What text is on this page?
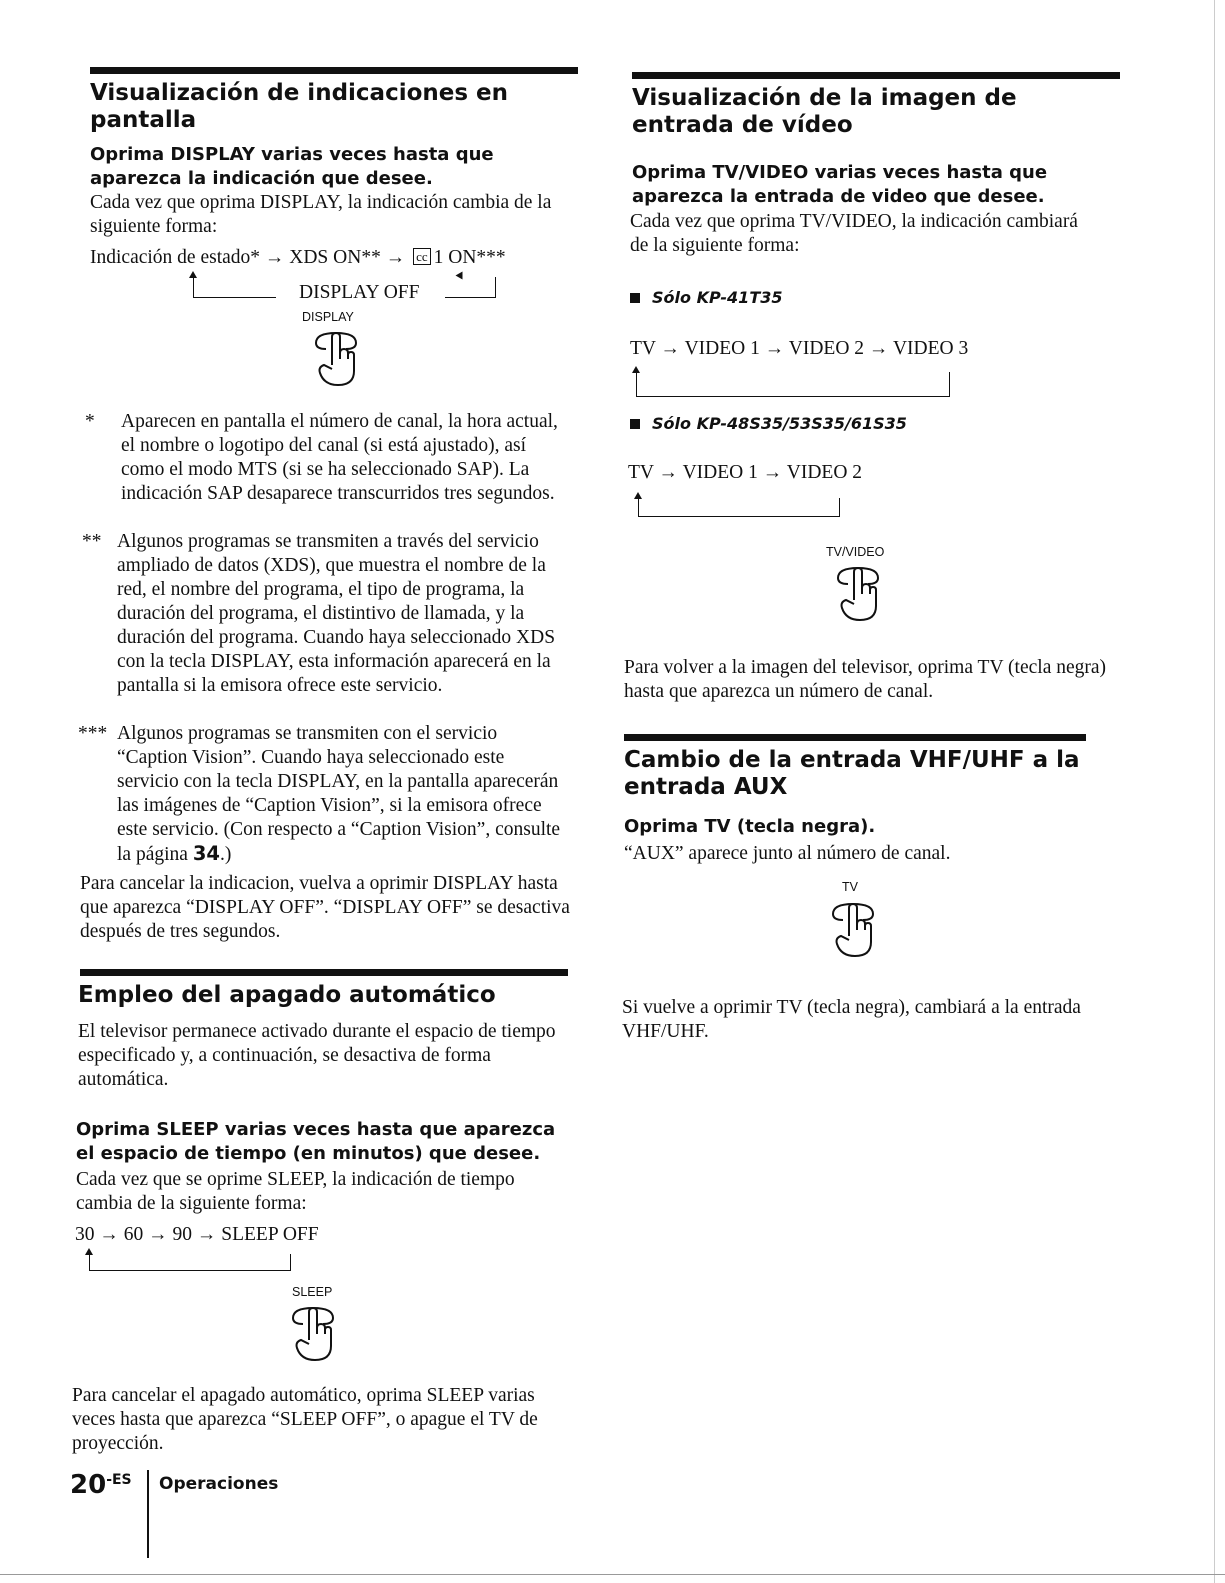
Visualización de indicaciones en pantalla

Oprima DISPLAY varias veces hasta que aparezca la indicación que desee.

Cada vez que oprima DISPLAY, la indicación cambia de la siguiente forma:

Indicación de estado* → XDS ON** → cc 1 ON***
DISPLAY OFF
DISPLAY
* Aparecen en pantalla el número de canal, la hora actual, el nombre o logotipo del canal (si está ajustado), así como el modo MTS (si se ha seleccionado SAP). La indicación SAP desaparece transcurridos tres segundos.
** Algunos programas se transmiten a través del servicio ampliado de datos (XDS), que muestra el nombre de la red, el nombre del programa, el tipo de programa, la duración del programa, el distintivo de llamada, y la duración del programa. Cuando haya seleccionado XDS con la tecla DISPLAY, esta información aparecerá en la pantalla si la emisora ofrece este servicio.
*** Algunos programas se transmiten con el servicio “Caption Vision”. Cuando haya seleccionado este servicio con la tecla DISPLAY, en la pantalla aparecerán las imágenes de “Caption Vision”, si la emisora ofrece este servicio. (Con respecto a “Caption Vision”, consulte la página 34.)

Para cancelar la indicacion, vuelva a oprimir DISPLAY hasta que aparezca “DISPLAY OFF”. “DISPLAY OFF” se desactiva después de tres segundos.

Empleo del apagado automático

El televisor permanece activado durante el espacio de tiempo especificado y, a continuación, se desactiva de forma automática.

Oprima SLEEP varias veces hasta que aparezca el espacio de tiempo (en minutos) que desee.

Cada vez que se oprime SLEEP, la indicación de tiempo cambia de la siguiente forma:

30 → 60 → 90 → SLEEP OFF
SLEEP

Para cancelar el apagado automático, oprima SLEEP varias veces hasta que aparezca “SLEEP OFF”, o apague el TV de proyección.

20-ES Operaciones
Visualización de la imagen de entrada de vídeo

Oprima TV/VIDEO varias veces hasta que aparezca la entrada de video que desee.

Cada vez que oprima TV/VIDEO, la indicación cambiará de la siguiente forma:

Sólo KP-41T35
TV → VIDEO 1 → VIDEO 2 → VIDEO 3
Sólo KP-48S35/53S35/61S35
TV → VIDEO 1 → VIDEO 2
TV/VIDEO

Para volver a la imagen del televisor, oprima TV (tecla negra) hasta que aparezca un número de canal.

Cambio de la entrada VHF/UHF a la entrada AUX

Oprima TV (tecla negra).

“AUX” aparece junto al número de canal.

TV

Si vuelve a oprimir TV (tecla negra), cambiará a la entrada VHF/UHF.
